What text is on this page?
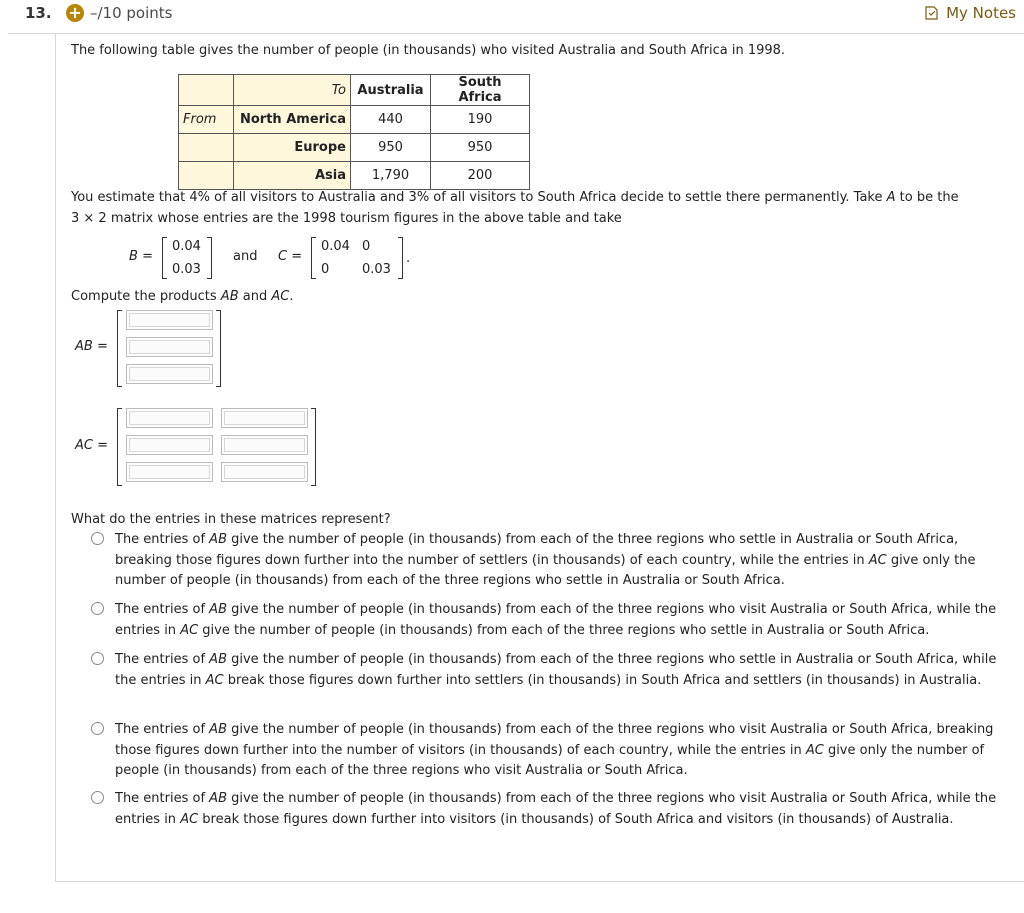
13. + –/10 points	My Notes
The following table gives the number of people (in thousands) who visited Australia and South Africa in 1998.
	To	Australia	South Africa
From	North America	440	190
	Europe	950	950
	Asia	1,790	200
You estimate that 4% of all visitors to Australia and 3% of all visitors to South Africa decide to settle there permanently. Take A to be the
3 × 2 matrix whose entries are the 1998 tourism figures in the above table and take
B =
0.04
0.03
and C =
0.04 0
0	0.03
.
Compute the products AB and AC.
AB =
AC =
What do the entries in these matrices represent?
The entries of AB give the number of people (in thousands) from each of the three regions who settle in Australia or South Africa, breaking those figures down further into the number of settlers (in thousands) of each country, while the entries in AC give only the number of people (in thousands) from each of the three regions who settle in Australia or South Africa.
The entries of AB give the number of people (in thousands) from each of the three regions who visit Australia or South Africa, while the entries in AC give the number of people (in thousands) from each of the three regions who settle in Australia or South Africa.
The entries of AB give the number of people (in thousands) from each of the three regions who settle in Australia or South Africa, while the entries in AC break those figures down further into settlers (in thousands) in South Africa and settlers (in thousands) in Australia.
The entries of AB give the number of people (in thousands) from each of the three regions who visit Australia or South Africa, breaking those figures down further into the number of visitors (in thousands) of each country, while the entries in AC give only the number of people (in thousands) from each of the three regions who visit Australia or South Africa.
The entries of AB give the number of people (in thousands) from each of the three regions who visit Australia or South Africa, while the entries in AC break those figures down further into visitors (in thousands) of South Africa and visitors (in thousands) of Australia.
